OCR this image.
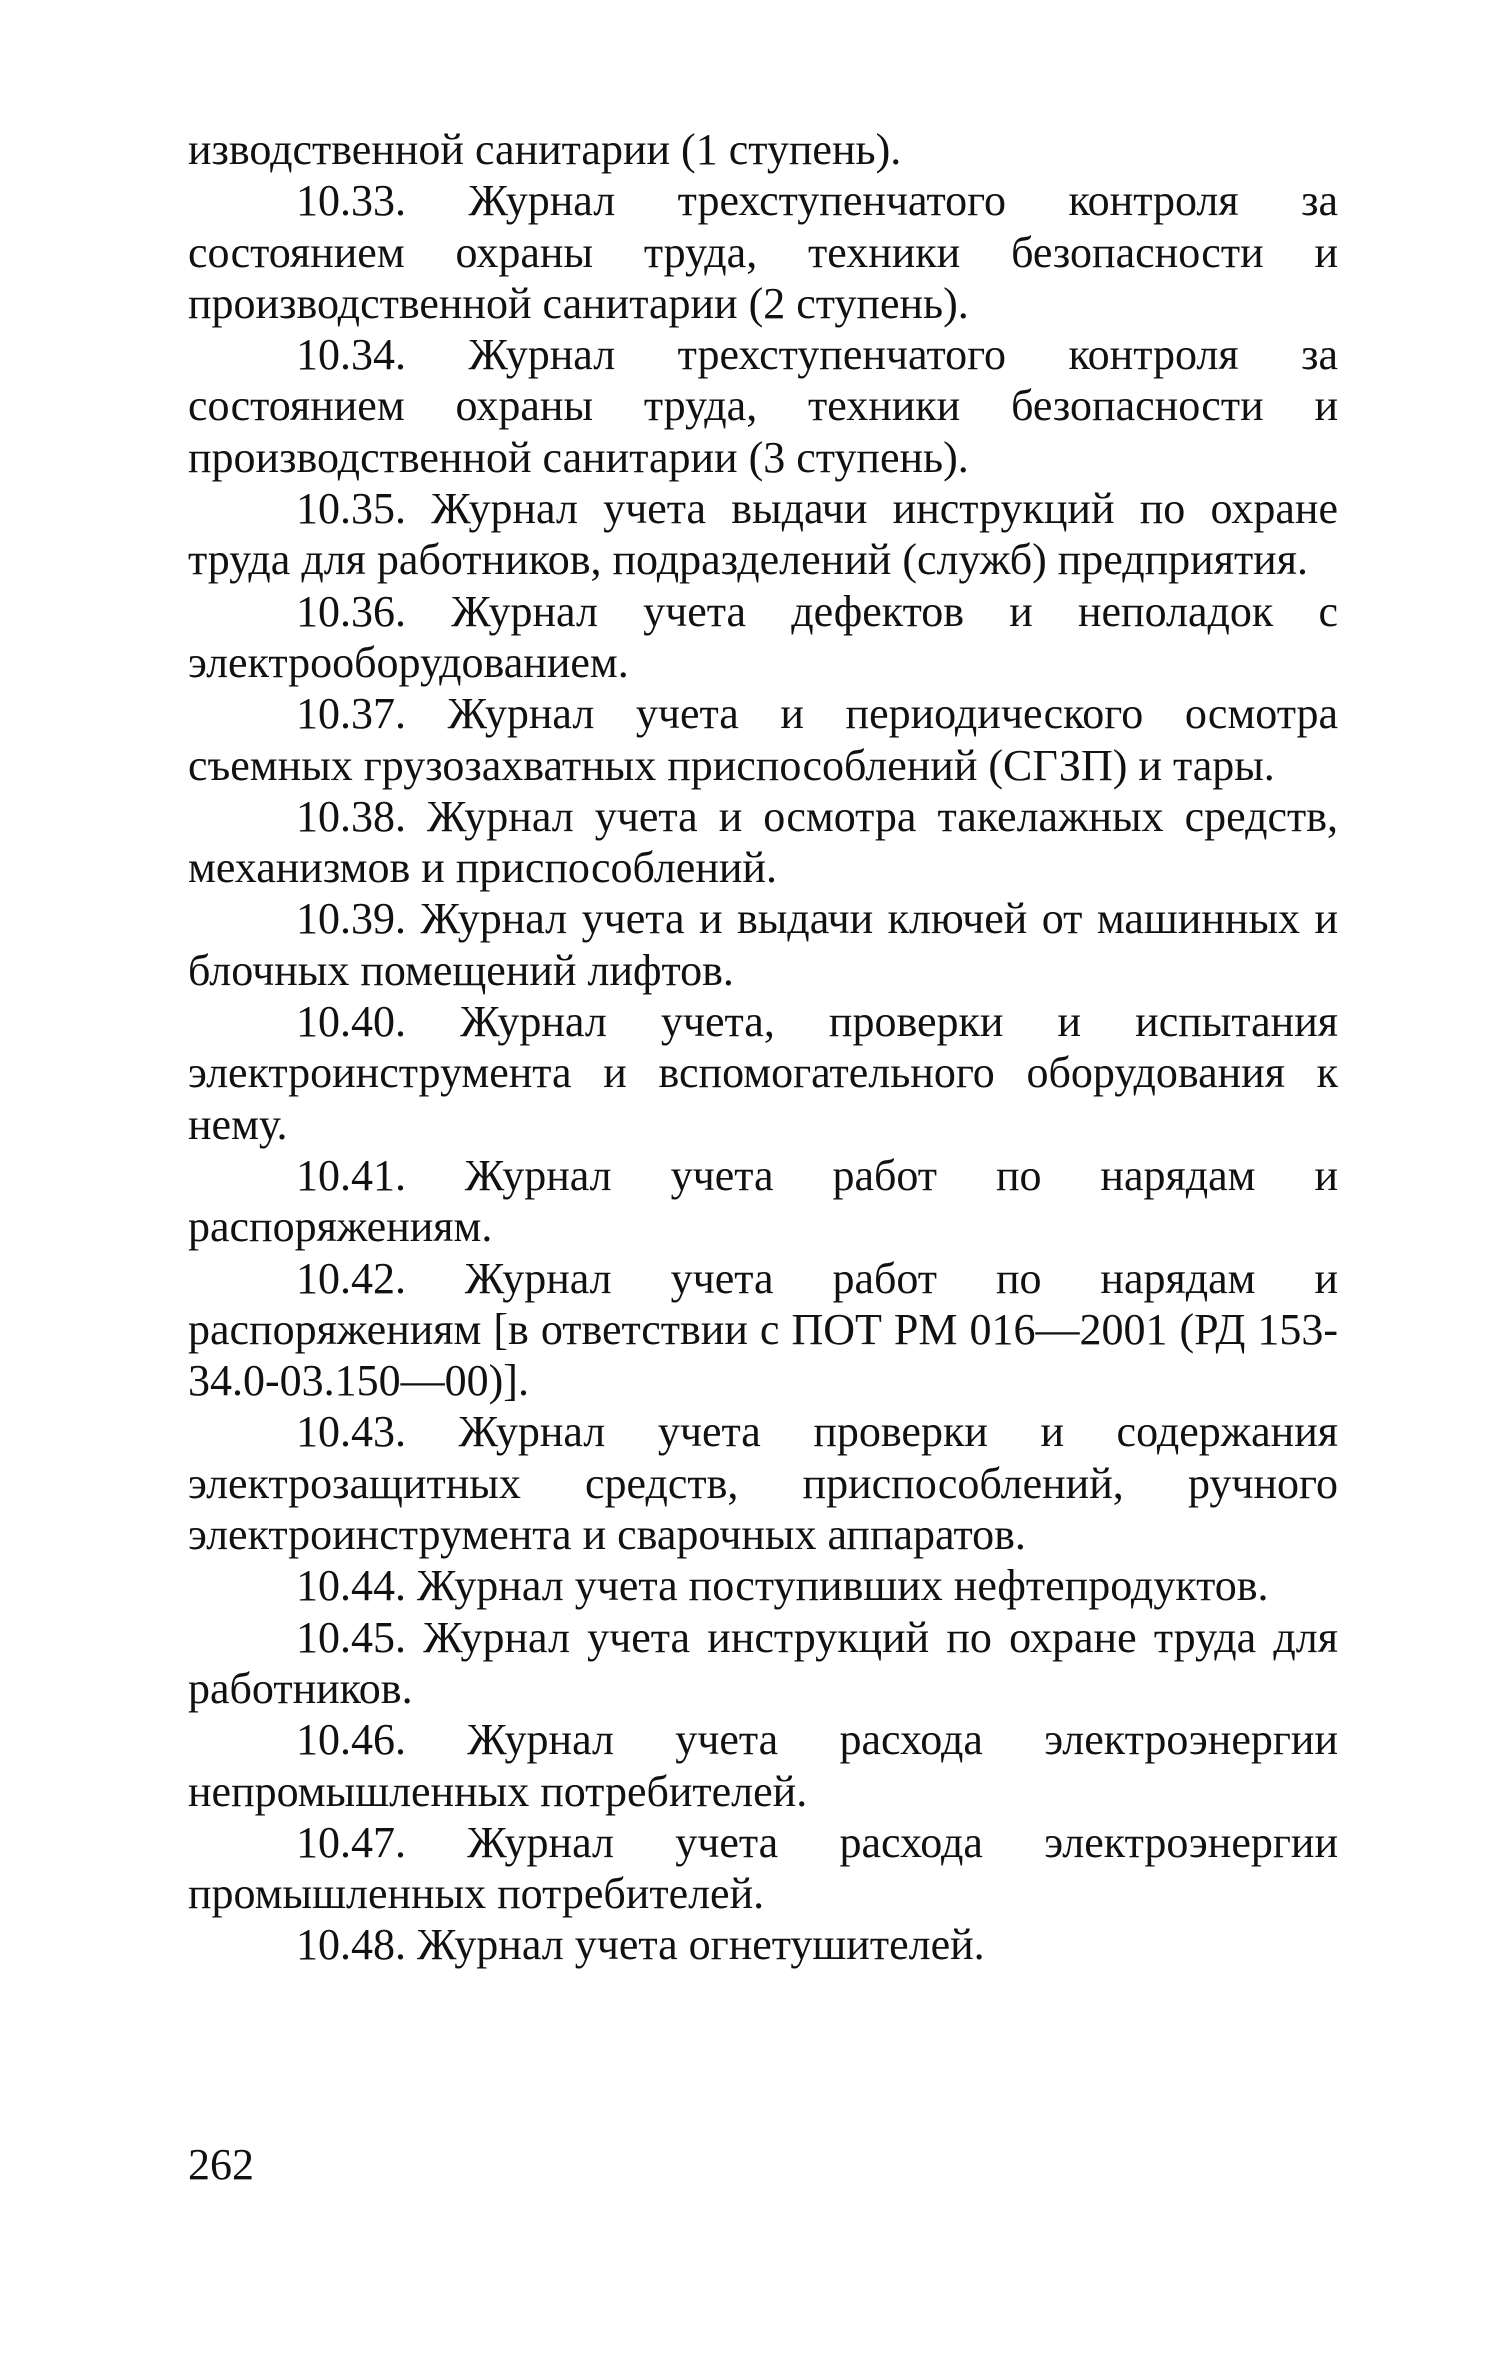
изводственной санитарии (1 ступень).

10.33. Журнал трехступенчатого контроля за состоянием охраны труда, техники безопасности и производственной санитарии (2 ступень).

10.34. Журнал трехступенчатого контроля за состоянием охраны труда, техники безопасности и производственной санитарии (3 ступень).

10.35. Журнал учета выдачи инструкций по охране труда для работников, подразделений (служб) предприятия.

10.36. Журнал учета дефектов и неполадок с электрооборудованием.

10.37. Журнал учета и периодического осмотра съемных грузозахватных приспособлений (СГЗП) и тары.

10.38. Журнал учета и осмотра такелажных средств, механизмов и приспособлений.

10.39. Журнал учета и выдачи ключей от машинных и блочных помещений лифтов.

10.40. Журнал учета, проверки и испытания электроинструмента и вспомогательного оборудования к нему.

10.41. Журнал учета работ по нарядам и распоряжениям.

10.42. Журнал учета работ по нарядам и распоряжениям [в ответствии с ПОТ РМ 016—2001 (РД 153-34.0-03.150—00)].

10.43. Журнал учета проверки и содержания электрозащитных средств, приспособлений, ручного электроинструмента и сварочных аппаратов.

10.44. Журнал учета поступивших нефтепродуктов.

10.45. Журнал учета инструкций по охране труда для работников.

10.46. Журнал учета расхода электроэнергии непромышленных потребителей.

10.47. Журнал учета расхода электроэнергии промышленных потребителей.

10.48. Журнал учета огнетушителей.

262
